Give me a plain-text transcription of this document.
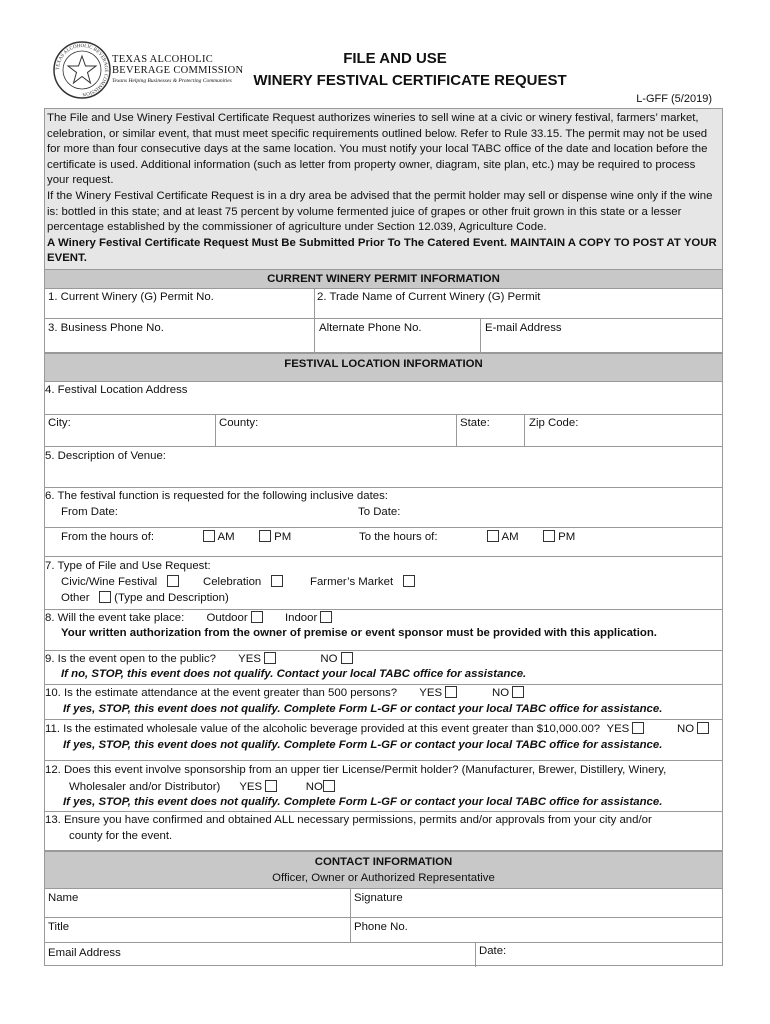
TEXAS ALCOHOLIC BEVERAGE COMMISSION
TEXAS ALCOHOLIC
BEVERAGE COMMISSION
Texans Helping Businesses & Protecting Communities
FILE AND USE
WINERY FESTIVAL CERTIFICATE REQUEST
L-GFF (5/2019)

The File and Use Winery Festival Certificate Request authorizes wineries to sell wine at a civic or winery festival, farmers’ market, celebration, or similar event, that must meet specific requirements outlined below. Refer to Rule 33.15. The permit may not be used for more than four consecutive days at the same location. You must notify your local TABC office of the date and location before the certificate is used. Additional information (such as letter from property owner, diagram, site plan, etc.) may be required to process your request.

If the Winery Festival Certificate Request is in a dry area be advised that the permit holder may sell or dispense wine only if the wine is: bottled in this state; and at least 75 percent by volume fermented juice of grapes or other fruit grown in this state or a lesser percentage established by the commissioner of agriculture under Section 12.039, Agriculture Code.

A Winery Festival Certificate Request Must Be Submitted Prior To The Catered Event. MAINTAIN A COPY TO POST AT YOUR EVENT.

CURRENT WINERY PERMIT INFORMATION
1. Current Winery (G) Permit No.	2. Trade Name of Current Winery (G) Permit
3. Business Phone No.	Alternate Phone No.	E-mail Address
FESTIVAL LOCATION INFORMATION
4. Festival Location Address
City:	County:	State:	Zip Code:
5. Description of Venue:
6. The festival function is requested for the following inclusive dates:
From Date:	To Date:
From the hours of:	AM	PM	To the hours of:	AM	PM
7. Type of File and Use Request:
Civic/Wine Festival	Celebration	Farmer’s Market
Other (Type and Description)
8. Will the event take place: Outdoor	Indoor
Your written authorization from the owner of premise or event sponsor must be provided with this application.
9. Is the event open to the public? YES	NO
If no, STOP, this event does not qualify. Contact your local TABC office for assistance.
10. Is the estimate attendance at the event greater than 500 persons? YES	NO
If yes, STOP, this event does not qualify. Complete Form L-GF or contact your local TABC office for assistance.
11. Is the estimated wholesale value of the alcoholic beverage provided at this event greater than $10,000.00? YES	NO
If yes, STOP, this event does not qualify. Complete Form L-GF or contact your local TABC office for assistance.
12. Does this event involve sponsorship from an upper tier License/Permit holder? (Manufacturer, Brewer, Distillery, Winery,
Wholesaler and/or Distributor) YES	NO
If yes, STOP, this event does not qualify. Complete Form L-GF or contact your local TABC office for assistance.
13. Ensure you have confirmed and obtained ALL necessary permissions, permits and/or approvals from your city and/or
county for the event.
CONTACT INFORMATION
Officer, Owner or Authorized Representative
Name	Signature
Title	Phone No.
Email Address	Date:
